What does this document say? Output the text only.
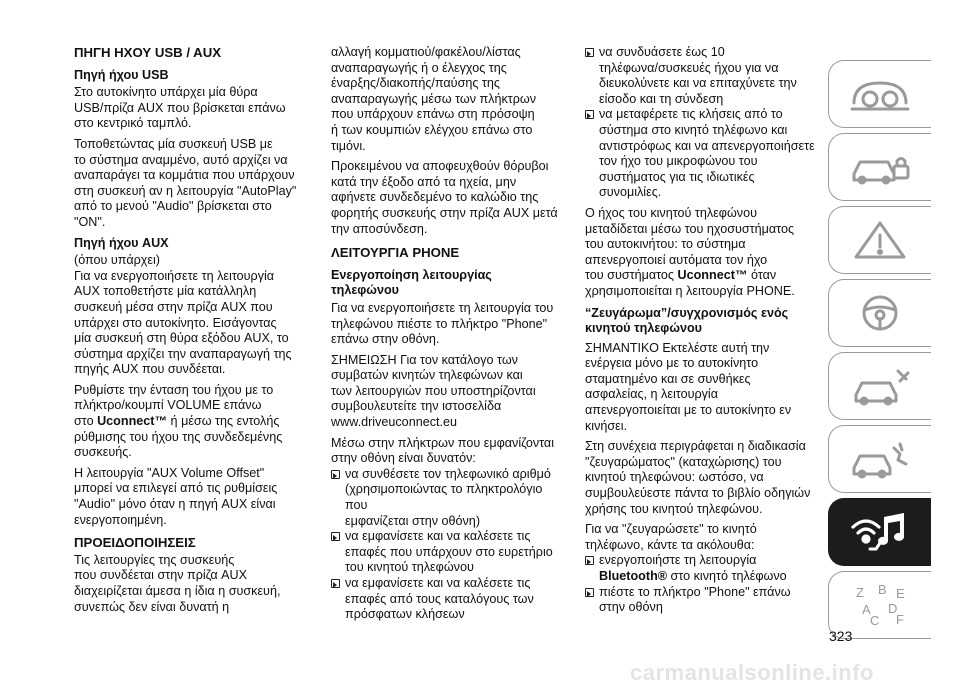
ΠΗΓΗ ΗΧΟΥ USB / AUX
Πηγή ήχου USB
Στο αυτοκίνητο υπάρχει μία θύρα
USB/πρίζα AUX που βρίσκεται επάνω
στο κεντρικό ταμπλό.
Τοποθετώντας μία συσκευή USB με
το σύστημα αναμμένο, αυτό αρχίζει να
αναπαράγει τα κομμάτια που υπάρχουν
στη συσκευή αν η λειτουργία "AutoPlay"
από το μενού "Audio" βρίσκεται στο
"ON".
Πηγή ήχου AUX
(όπου υπάρχει)
Για να ενεργοποιήσετε τη λειτουργία
AUX τοποθετήστε μία κατάλληλη
συσκευή μέσα στην πρίζα AUX που
υπάρχει στο αυτοκίνητο. Εισάγοντας
μία συσκευή στη θύρα εξόδου AUX, το
σύστημα αρχίζει την αναπαραγωγή της
πηγής AUX που συνδέεται.
Ρυθμίστε την ένταση του ήχου με το
πλήκτρο/κουμπί VOLUME επάνω
στο Uconnect™ ή μέσω της εντολής
ρύθμισης του ήχου της συνδεδεμένης
συσκευής.
Η λειτουργία "AUX Volume Offset"
μπορεί να επιλεγεί από τις ρυθμίσεις
"Audio" μόνο όταν η πηγή AUX είναι
ενεργοποιημένη.
ΠΡΟΕΙΔΟΠΟΙΗΣΕΙΣ
Τις λειτουργίες της συσκευής
που συνδέεται στην πρίζα AUX
διαχειρίζεται άμεσα η ίδια η συσκευή,
συνεπώς δεν είναι δυνατή η
αλλαγή κομματιού/φακέλου/λίστας
αναπαραγωγής ή ο έλεγχος της
έναρξης/διακοπής/παύσης της
αναπαραγωγής μέσω των πλήκτρων
που υπάρχουν επάνω στη πρόσοψη
ή των κουμπιών ελέγχου επάνω στο
τιμόνι.
Προκειμένου να αποφευχθούν θόρυβοι
κατά την έξοδο από τα ηχεία, μην
αφήνετε συνδεδεμένο το καλώδιο της
φορητής συσκευής στην πρίζα AUX μετά
την αποσύνδεση.
ΛΕΙΤΟΥΡΓΙΑ PHONE
Ενεργοποίηση λειτουργίας
τηλεφώνου
Για να ενεργοποιήσετε τη λειτουργία του
τηλεφώνου πιέστε το πλήκτρο "Phone"
επάνω στην οθόνη.
ΣΗΜΕΙΩΣΗ Για τον κατάλογο των
συμβατών κινητών τηλεφώνων και
των λειτουργιών που υποστηρίζονται
συμβουλευτείτε την ιστοσελίδα
www.driveuconnect.eu
Μέσω στην πλήκτρων που εμφανίζονται
στην οθόνη είναι δυνατόν:
να συνθέσετε τον τηλεφωνικό αριθμό
(χρησιμοποιώντας το πληκτρολόγιο που
εμφανίζεται στην οθόνη)
να εμφανίσετε και να καλέσετε τις
επαφές που υπάρχουν στο ευρετήριο
του κινητού τηλεφώνου
να εμφανίσετε και να καλέσετε τις
επαφές από τους καταλόγους των
πρόσφατων κλήσεων
να συνδυάσετε έως 10
τηλέφωνα/συσκευές ήχου για να
διευκολύνετε και να επιταχύνετε την
είσοδο και τη σύνδεση
να μεταφέρετε τις κλήσεις από το
σύστημα στο κινητό τηλέφωνο και
αντιστρόφως και να απενεργοποιήσετε
τον ήχο του μικροφώνου του
συστήματος για τις ιδιωτικές συνομιλίες.
Ο ήχος του κινητού τηλεφώνου
μεταδίδεται μέσω του ηχοσυστήματος
του αυτοκινήτου: το σύστημα
απενεργοποιεί αυτόματα τον ήχο
του συστήματος Uconnect™ όταν
χρησιμοποιείται η λειτουργία PHONE.
“Ζευγάρωμα”/συγχρονισμός ενός
κινητού τηλεφώνου
ΣΗΜΑΝΤΙΚΟ Εκτελέστε αυτή την
ενέργεια μόνο με το αυτοκίνητο
σταματημένο και σε συνθήκες
ασφαλείας, η λειτουργία
απενεργοποιείται με το αυτοκίνητο εν
κινήσει.
Στη συνέχεια περιγράφεται η διαδικασία
"ζευγαρώματος" (καταχώρισης) του
κινητού τηλεφώνου: ωστόσο, να
συμβουλεύεστε πάντα το βιβλίο οδηγιών
χρήσης του κινητού τηλεφώνου.
Για να "ζευγαρώσετε" το κινητό
τηλέφωνο, κάντε τα ακόλουθα:
ενεργοποιήστε τη λειτουργία
Bluetooth® στο κινητό τηλέφωνο
πιέστε το πλήκτρο "Phone" επάνω
στην οθόνη
Z B E
A D
C F
323
carmanualsonline.info
